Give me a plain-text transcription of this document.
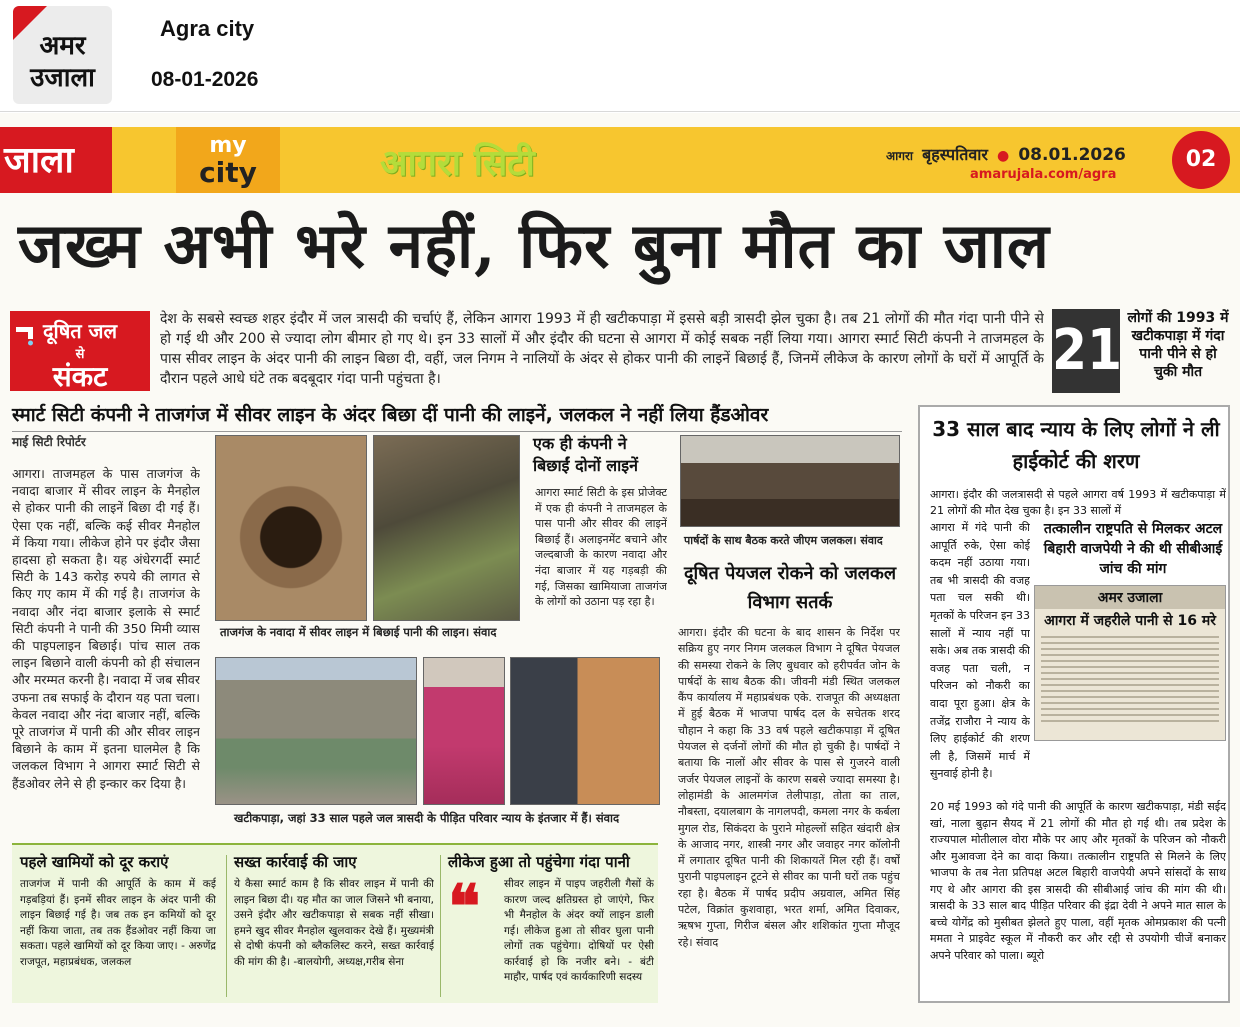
अमर
उजाला
Agra city
08-01-2026
जाला	my
city	आगरा सिटी	आगरा बृहस्पतिवार ● 08.01.2026
amarujala.com/agra
02
जख्म अभी भरे नहीं, फिर बुना मौत का जाल
दूषित जल
से
संकट
देश के सबसे स्वच्छ शहर इंदौर में जल त्रासदी की चर्चाएं हैं, लेकिन आगरा 1993 में ही खटीकपाड़ा में इससे बड़ी त्रासदी झेल चुका है। तब 21 लोगों की मौत गंदा पानी पीने से हो गई थी और 200 से ज्यादा लोग बीमार हो गए थे। इन 33 सालों में और इंदौर की घटना से आगरा में कोई सबक नहीं लिया गया। आगरा स्मार्ट सिटी कंपनी ने ताजमहल के पास सीवर लाइन के अंदर पानी की लाइन बिछा दी, वहीं, जल निगम ने नालियों के अंदर से होकर पानी की लाइनें बिछाई हैं, जिनमें लीकेज के कारण लोगों के घरों में आपूर्ति के दौरान पहले आधे घंटे तक बदबूदार गंदा पानी पहुंचता है।	21 लोगों की 1993 में खटीकपाड़ा में गंदा पानी पीने से हो चुकी मौत
स्मार्ट सिटी कंपनी ने ताजगंज में सीवर लाइन के अंदर बिछा दीं पानी की लाइनें, जलकल ने नहीं लिया हैंडओवर
माई सिटी रिपोर्टर
आगरा। ताजमहल के पास ताजगंज के नवादा बाजार में सीवर लाइन के मैनहोल से होकर पानी की लाइनें बिछा दी गई हैं। ऐसा एक नहीं, बल्कि कई सीवर मैनहोल में किया गया। लीकेज होने पर इंदौर जैसा हादसा हो सकता है। यह अंधेरगर्दी स्मार्ट सिटी के 143 करोड़ रुपये की लागत से किए गए काम में की गई है। ताजगंज के नवादा और नंदा बाजार इलाके से स्मार्ट सिटी कंपनी ने पानी की 350 मिमी व्यास की पाइपलाइन बिछाई। पांच साल तक लाइन बिछाने वाली कंपनी को ही संचालन और मरम्मत करनी है। नवादा में जब सीवर उफना तब सफाई के दौरान यह पता चला। केवल नवादा और नंदा बाजार नहीं, बल्कि पूरे ताजगंज में पानी की और सीवर लाइन बिछाने के काम में इतना घालमेल है कि जलकल विभाग ने आगरा स्मार्ट सिटी से हैंडओवर लेने से ही इन्कार कर दिया है।
ताजगंज के नवादा में सीवर लाइन में बिछाई पानी की लाइन। संवाद
एक ही कंपनी ने बिछाईं दोनों लाइनें
आगरा स्मार्ट सिटी के इस प्रोजेक्ट में एक ही कंपनी ने ताजमहल के पास पानी और सीवर की लाइनें बिछाई हैं। अलाइनमेंट बचाने और जल्दबाजी के कारण नवादा और नंदा बाजार में यह गड़बड़ी की गई, जिसका खामियाजा ताजगंज के लोगों को उठाना पड़ रहा है।
पार्षदों के साथ बैठक करते जीएम जलकल। संवाद
खटीकपाड़ा, जहां 33 साल पहले जल त्रासदी के पीड़ित परिवार न्याय के इंतजार में हैं। संवाद
दूषित पेयजल रोकने को जलकल विभाग सतर्क
आगरा। इंदौर की घटना के बाद शासन के निर्देश पर सक्रिय हुए नगर निगम जलकल विभाग ने दूषित पेयजल की समस्या रोकने के लिए बुधवार को हरीपर्वत जोन के पार्षदों के साथ बैठक की। जीवनी मंडी स्थित जलकल कैंप कार्यालय में महाप्रबंधक एके. राजपूत की अध्यक्षता में हुई बैठक में भाजपा पार्षद दल के सचेतक शरद चौहान ने कहा कि 33 वर्ष पहले खटीकपाड़ा में दूषित पेयजल से दर्जनों लोगों की मौत हो चुकी है। पार्षदों ने बताया कि नालों और सीवर के पास से गुजरने वाली जर्जर पेयजल लाइनों के कारण सबसे ज्यादा समस्या है। लोहामंडी के आलमगंज तेलीपाड़ा, तोता का ताल, नौबस्ता, दयालबाग के नागलपदी, कमला नगर के कर्बला मुगल रोड, सिकंदरा के पुराने मोहल्लों सहित खंदारी क्षेत्र के आजाद नगर, शास्त्री नगर और जवाहर नगर कॉलोनी में लगातार दूषित पानी की शिकायतें मिल रही हैं। वर्षों पुरानी पाइपलाइन टूटने से सीवर का पानी घरों तक पहुंच रहा है। बैठक में पार्षद प्रदीप अग्रवाल, अमित सिंह पटेल, विक्रांत कुशवाहा, भरत शर्मा, अमित दिवाकर, ऋषभ गुप्ता, गिरीज बंसल और शशिकांत गुप्ता मौजूद रहे। संवाद
33 साल बाद न्याय के लिए लोगों ने ली हाईकोर्ट की शरण
आगरा। इंदौर की जलत्रासदी से पहले आगरा वर्ष 1993 में खटीकपाड़ा में 21 लोगों की मौत देख चुका है। इन 33 सालों में
आगरा में गंदे पानी की आपूर्ति रुके, ऐसा कोई कदम नहीं उठाया गया। तब भी त्रासदी की वजह पता चल सकी थी। मृतकों के परिजन इन 33 सालों में न्याय नहीं पा सके। अब तक त्रासदी की वजह पता चली, न परिजन को नौकरी का वादा पूरा हुआ। क्षेत्र के तजेंद्र राजौरा ने न्याय के लिए हाईकोर्ट की शरण ली है, जिसमें मार्च में सुनवाई होनी है।
तत्कालीन राष्ट्रपति से मिलकर अटल बिहारी वाजपेयी ने की थी सीबीआई जांच की मांग
अमर उजाला
आगरा में जहरीले पानी से 16 मरे
20 मई 1993 को गंदे पानी की आपूर्ति के कारण खटीकपाड़ा, मंडी सईद खां, नाला बुढ़ान सैयद में 21 लोगों की मौत हो गई थी। तब प्रदेश के राज्यपाल मोतीलाल वोरा मौके पर आए और मृतकों के परिजन को नौकरी और मुआवजा देने का वादा किया। तत्कालीन राष्ट्रपति से मिलने के लिए भाजपा के तब नेता प्रतिपक्ष अटल बिहारी वाजपेयी अपने सांसदों के साथ गए थे और आगरा की इस त्रासदी की सीबीआई जांच की मांग की थी। त्रासदी के 33 साल बाद पीड़ित परिवार की इंद्रा देवी ने अपने मात साल के बच्चे योगेंद्र को मुसीबत झेलते हुए पाला, वहीं मृतक ओमप्रकाश की पत्नी ममता ने प्राइवेट स्कूल में नौकरी कर और रद्दी से उपयोगी चीजें बनाकर अपने परिवार को पाला। ब्यूरो
पहले खामियों को दूर कराएं
ताजगंज में पानी की आपूर्ति के काम में कई गड़बड़ियां हैं। इनमें सीवर लाइन के अंदर पानी की लाइन बिछाई गई है। जब तक इन कमियों को दूर नहीं किया जाता, तब तक हैंडओवर नहीं किया जा सकता। पहले खामियों को दूर किया जाए। - अरुणेंद्र राजपूत, महाप्रबंधक, जलकल
सख्त कार्रवाई की जाए
ये कैसा स्मार्ट काम है कि सीवर लाइन में पानी की लाइन बिछा दी। यह मौत का जाल जिसने भी बनाया, उसने इंदौर और खटीकपाड़ा से सबक नहीं सीखा। हमने खुद सीवर मैनहोल खुलवाकर देखे हैं। मुख्यमंत्री से दोषी कंपनी को ब्लैकलिस्ट करने, सख्त कार्रवाई की मांग की है। -बालयोगी, अध्यक्ष,गरीब सेना
❝
लीकेज हुआ तो पहुंचेगा गंदा पानी
सीवर लाइन में पाइप जहरीली गैसों के कारण जल्द क्षतिग्रस्त हो जाएंगे, फिर भी मैनहोल के अंदर क्यों लाइन डाली गई। लीकेज हुआ तो सीवर घुला पानी लोगों तक पहुंचेगा। दोषियों पर ऐसी कार्रवाई हो कि नजीर बने। - बंटी माहौर, पार्षद एवं कार्यकारिणी सदस्य
